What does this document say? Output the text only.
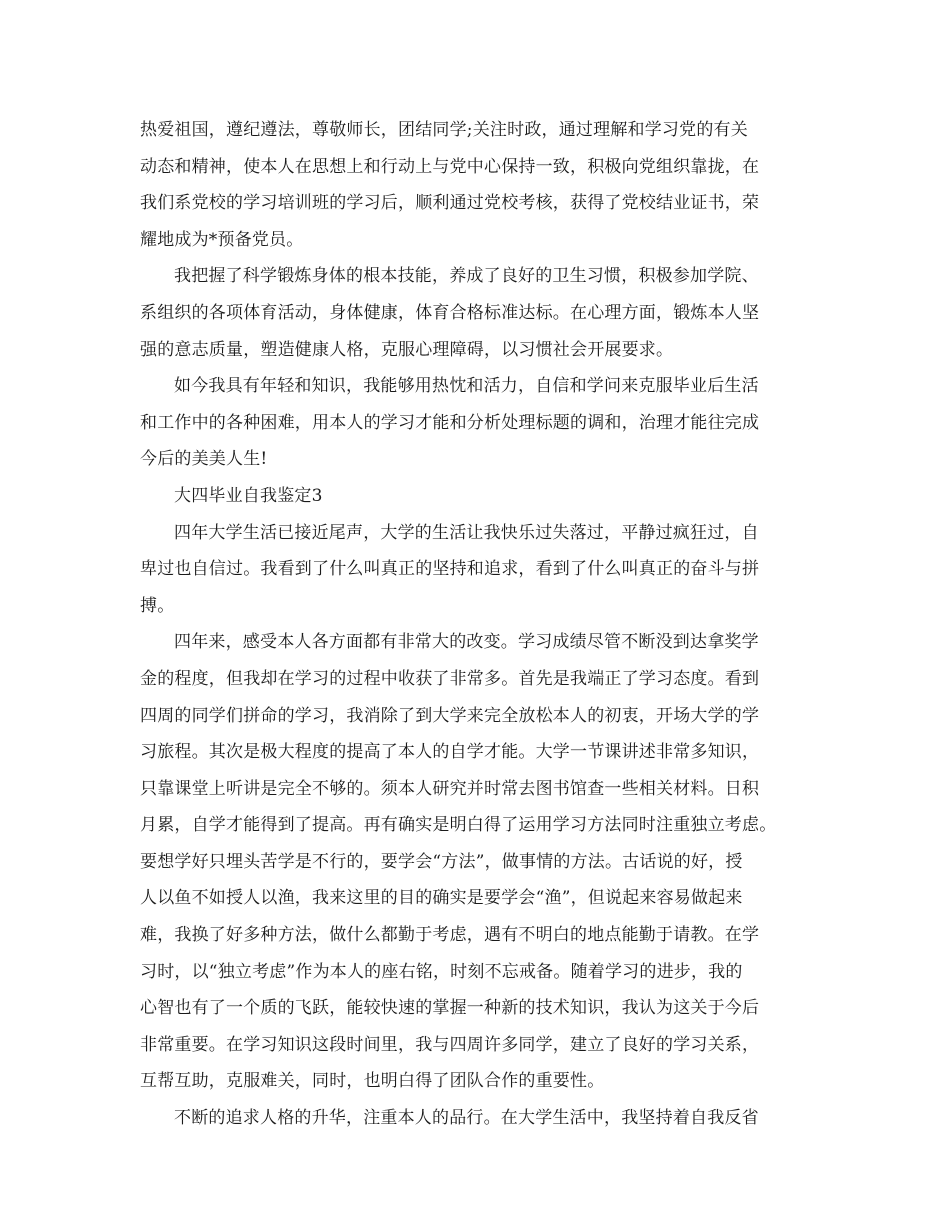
热爱祖国，遵纪遵法，尊敬师长，团结同学;关注时政，通过理解和学习党的有关
动态和精神，使本人在思想上和行动上与党中心保持一致，积极向党组织靠拢，在
我们系党校的学习培训班的学习后，顺利通过党校考核，获得了党校结业证书，荣
耀地成为*预备党员。
我把握了科学锻炼身体的根本技能，养成了良好的卫生习惯，积极参加学院、
系组织的各项体育活动，身体健康，体育合格标准达标。在心理方面，锻炼本人坚
强的意志质量，塑造健康人格，克服心理障碍，以习惯社会开展要求。
如今我具有年轻和知识，我能够用热忱和活力，自信和学问来克服毕业后生活
和工作中的各种困难，用本人的学习才能和分析处理标题的调和，治理才能往完成
今后的美美人生!
大四毕业自我鉴定3
四年大学生活已接近尾声，大学的生活让我快乐过失落过，平静过疯狂过，自
卑过也自信过。我看到了什么叫真正的坚持和追求，看到了什么叫真正的奋斗与拼
搏。
四年来，感受本人各方面都有非常大的改变。学习成绩尽管不断没到达拿奖学
金的程度，但我却在学习的过程中收获了非常多。首先是我端正了学习态度。看到
四周的同学们拼命的学习，我消除了到大学来完全放松本人的初衷，开场大学的学
习旅程。其次是极大程度的提高了本人的自学才能。大学一节课讲述非常多知识，
只靠课堂上听讲是完全不够的。须本人研究并时常去图书馆查一些相关材料。日积
月累，自学才能得到了提高。再有确实是明白得了运用学习方法同时注重独立考虑。
要想学好只埋头苦学是不行的，要学会“方法”，做事情的方法。古话说的好，授
人以鱼不如授人以渔，我来这里的目的确实是要学会“渔”，但说起来容易做起来
难，我换了好多种方法，做什么都勤于考虑，遇有不明白的地点能勤于请教。在学
习时，以“独立考虑”作为本人的座右铭，时刻不忘戒备。随着学习的进步，我的
心智也有了一个质的飞跃，能较快速的掌握一种新的技术知识，我认为这关于今后
非常重要。在学习知识这段时间里，我与四周许多同学，建立了良好的学习关系，
互帮互助，克服难关，同时，也明白得了团队合作的重要性。
不断的追求人格的升华，注重本人的品行。在大学生活中，我坚持着自我反省
